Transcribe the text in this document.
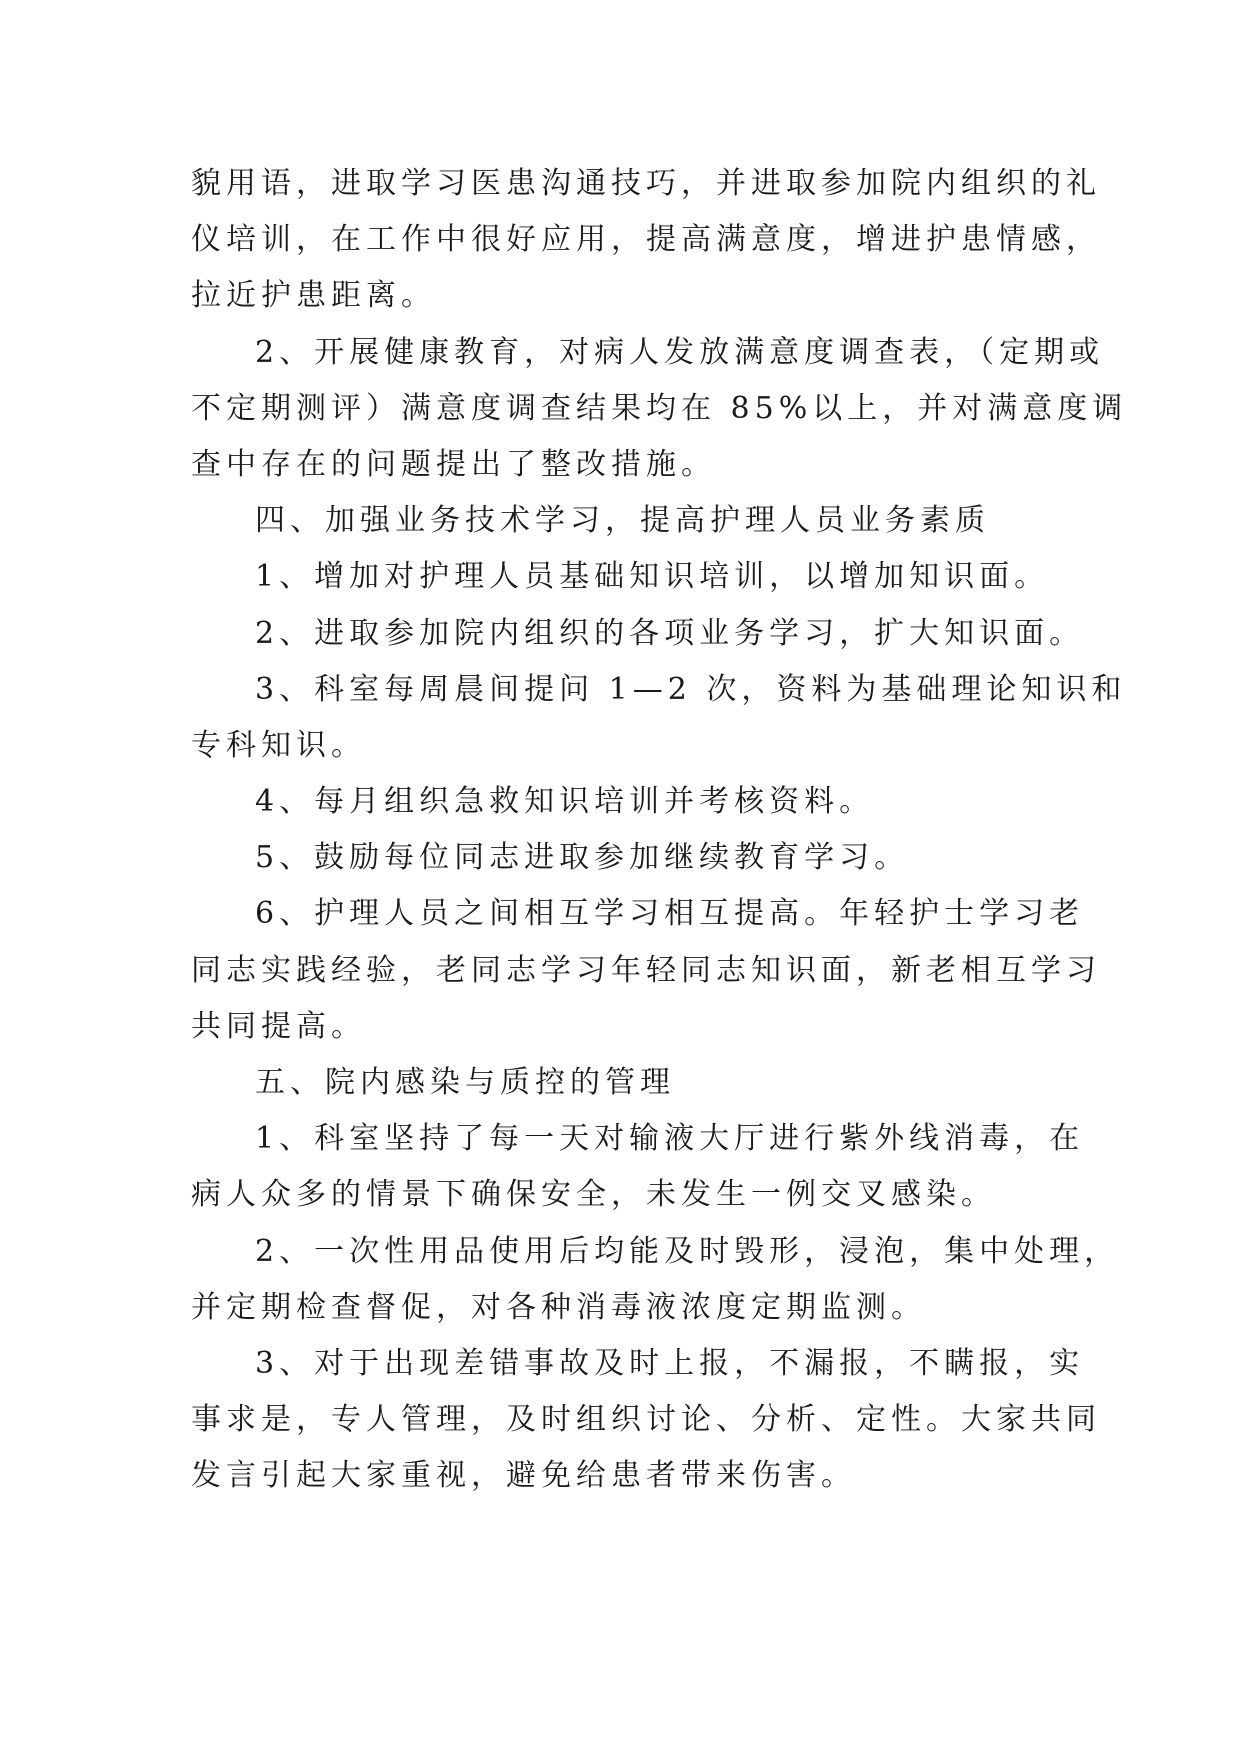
貌用语，进取学习医患沟通技巧，并进取参加院内组织的礼
仪培训，在工作中很好应用，提高满意度，增进护患情感，
拉近护患距离。
2、开展健康教育，对病人发放满意度调查表，（定期或
不定期测评）满意度调查结果均在 85%以上，并对满意度调
查中存在的问题提出了整改措施。
四、加强业务技术学习，提高护理人员业务素质
1、增加对护理人员基础知识培训，以增加知识面。
2、进取参加院内组织的各项业务学习，扩大知识面。
3、科室每周晨间提问 1—2 次，资料为基础理论知识和
专科知识。
4、每月组织急救知识培训并考核资料。
5、鼓励每位同志进取参加继续教育学习。
6、护理人员之间相互学习相互提高。年轻护士学习老
同志实践经验，老同志学习年轻同志知识面，新老相互学习
共同提高。
五、院内感染与质控的管理
1、科室坚持了每一天对输液大厅进行紫外线消毒，在
病人众多的情景下确保安全，未发生一例交叉感染。
2、一次性用品使用后均能及时毁形，浸泡，集中处理，
并定期检查督促，对各种消毒液浓度定期监测。
3、对于出现差错事故及时上报，不漏报，不瞒报，实
事求是，专人管理，及时组织讨论、分析、定性。大家共同
发言引起大家重视，避免给患者带来伤害。
